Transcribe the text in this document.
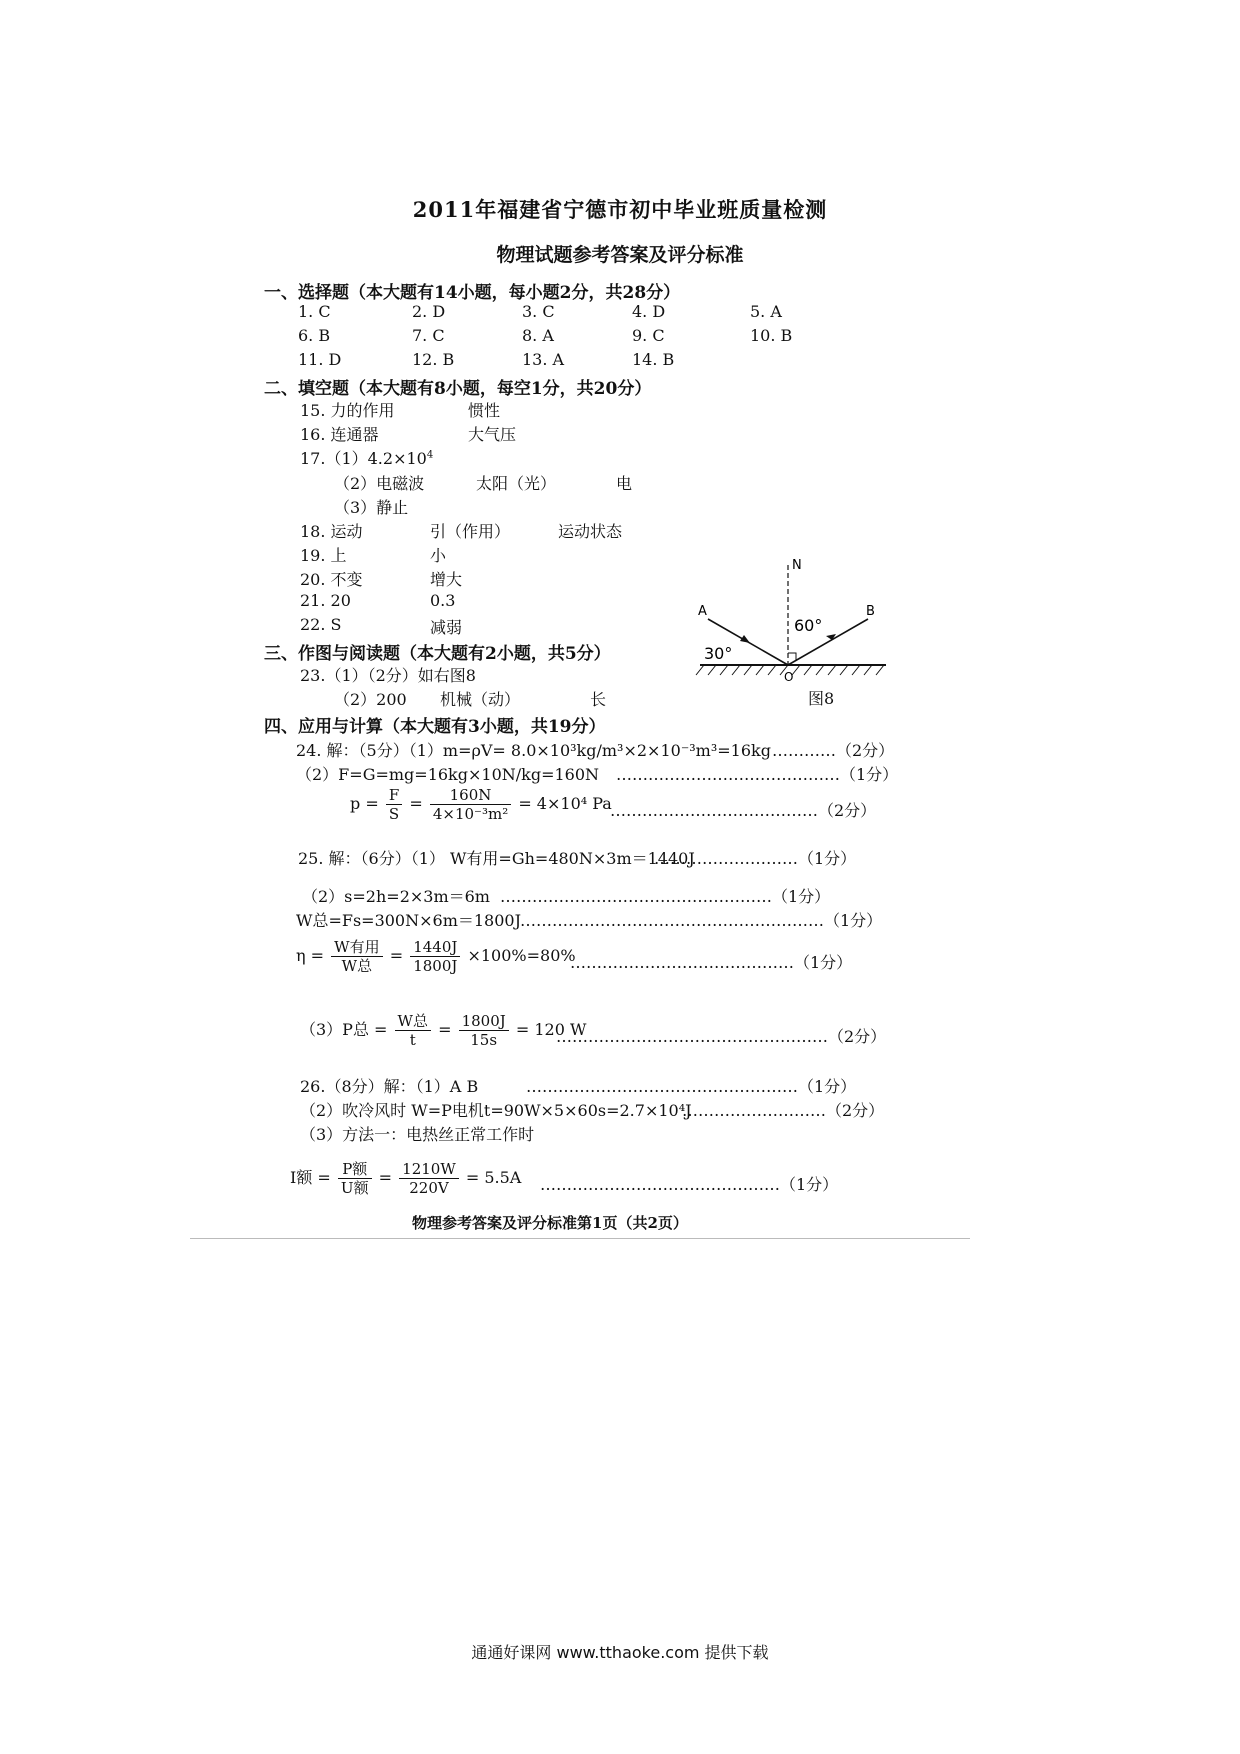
2011年福建省宁德市初中毕业班质量检测
物理试题参考答案及评分标准
一、选择题（本大题有14小题，每小题2分，共28分）
1. C	2. D	3. C	4. D	5. A
6. B	7. C	8. A	9. C	10. B
11. D	12. B	13. A	14. B
二、填空题（本大题有8小题，每空1分，共20分）
15. 力的作用	惯性
16. 连通器	大气压
$17.(1)4.2\times 10^4$
（2）电磁波	太阳（光）	电
（3）静止
18. 运动	引（作用）	运动状态
19. 上	小
20. 不变	增大
21. 20	0.3
22. S	减弱
三、作图与阅读题（本大题有2小题，共5分）
23.（1）（2分）如右图8
（2）200 机械（动）	长
N
A	B
O
30°
60°
图8
四、应用与计算（本大题有3小题，共19分）
24. 解：（5分）（1）m=ρV= 8.0×10³kg/m³×2×10⁻³m³=16kg …………（2分）
（2）F=G=mg=16kg×10N/kg=160N ……………………………………（1分）
$p = \frac{F}{S} = \frac{160N}{\text{4×10⁻³m²}} = 4\times 10^4$ Pa
…………………………………（2分）
25. 解：（6分）（1） W有用=Gh=480N×3m＝1440J
………………………（1分）
（2）s=2h=2×3m＝6m ……………………………………………（1分）
W总=Fs=300N×6m＝1800J
…………………………………………………（1分）
$\eta = \frac{\text{W有用}}{\text{W总}} = \frac{1440J}{1800J} \times 100\%=80\%$
……………………………………（1分）
（3）P总 = $\frac{\text{W总}}{t} = \frac{1800J}{15s} = 120$ W
……………………………………………（2分）
26.（8分）解：（1）A B	……………………………………………（1分）
（2）吹冷风时 W=P电机t=90W×5×60s=2.7×10⁴J
………………………（2分）
（3）方法一：电热丝正常工作时
I额 = $\frac{\text{P额}}{\text{U额}} = \frac{1210W}{220V} = 5.5A$ ………………………………………（1分）
物理参考答案及评分标准第1页（共2页）
通通好课网 www.tthaoke.com 提供下载
